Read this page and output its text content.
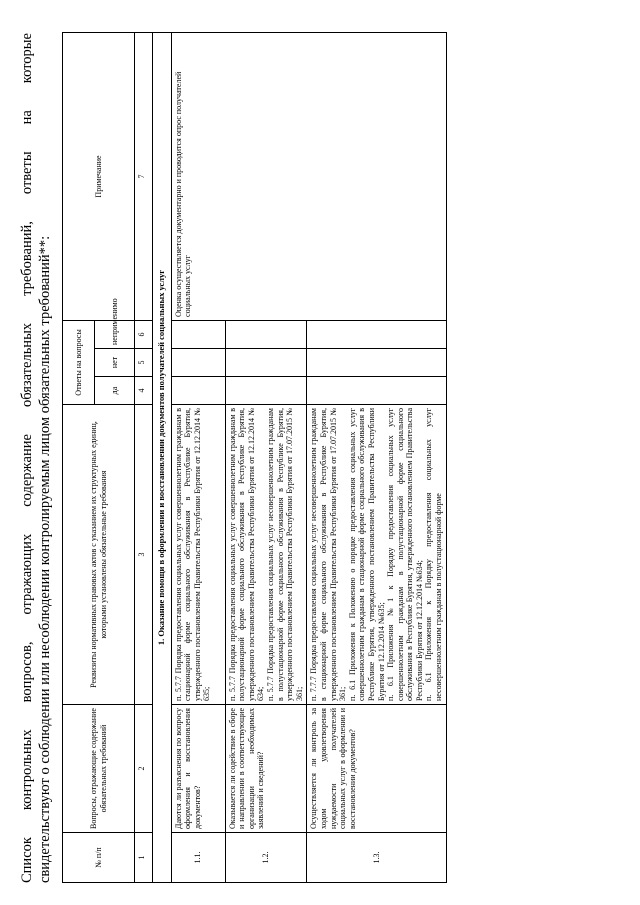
Список контрольных вопросов, отражающих содержание обязательных требований, ответы на которые свидетельствуют о соблюдении или несоблюдении контролируемым лицом обязательных требований**:	№ п/п	Вопросы, отражающие содержание обязательных требований	Реквизиты нормативных правовых актов с указанием их структурных единиц, которыми установлены обязательные требования	Ответы на вопросы			Примечание
			да	нет	неприменимо	
1	2	3	4	5	6	7
1. Оказание помощи в оформлении и восстановлении документов получателей социальных услуг						
1.1.	Даются ли разъяснения по вопросу оформления и восстановления документов?	п. 5.7.7 Порядка предоставления социальных услуг совершеннолетним гражданам в стационарной форме социального обслуживания в Республике Бурятия, утвержденного постановлением Правительства Республики Бурятия от 12.12.2014 № 635;				Оценка осуществляется документарно и проводится опрос получателей социальных услуг
1.2.	Оказывается ли содействие в сборе и направлении в соответствующие организации необходимых заявлений и сведений?	п. 5.7.7 Порядка предоставления социальных услуг совершеннолетним гражданам в полустационарной форме социального обслуживания в Республике Бурятия, утвержденного постановлением Правительства Республики Бурятия от 12.12.2014 № 634;
п. 5.7.7 Порядка предоставления социальных услуг несовершеннолетним гражданам в полустационарной форме социального обслуживания в Республике Бурятия, утвержденного постановлением Правительства Республики Бурятия от 17.07.2015 № 361;				
1.3.	Осуществляется ли контроль за ходом удовлетворения нуждаемости получателей социальных услуг в оформлении и восстановлении документов?	п. 7.7.7 Порядка предоставления социальных услуг несовершеннолетним гражданам в стационарной форме социального обслуживания в Республике Бурятия, утвержденного постановлением Правительства Республики Бурятия от 17.07.2015 № 361;
п. 6.1 Приложения к Положению о порядке предоставления социальных услуг совершеннолетним гражданам в стационарной форме социального обслуживания в Республике Бурятия, утвержденного постановлением Правительства Республики Бурятия от 12.12.2014 №635;
п. 6.1 Приложения №1 к Порядку предоставления социальных услуг совершеннолетним гражданам в полустационарной форме социального обслуживания в Республике Бурятия, утвержденного постановлением Правительства Республики Бурятия от 12.12.2014 №634;
п. 6.1 Приложения к Порядку предоставления социальных услуг несовершеннолетним гражданам в полустационарной форме				
